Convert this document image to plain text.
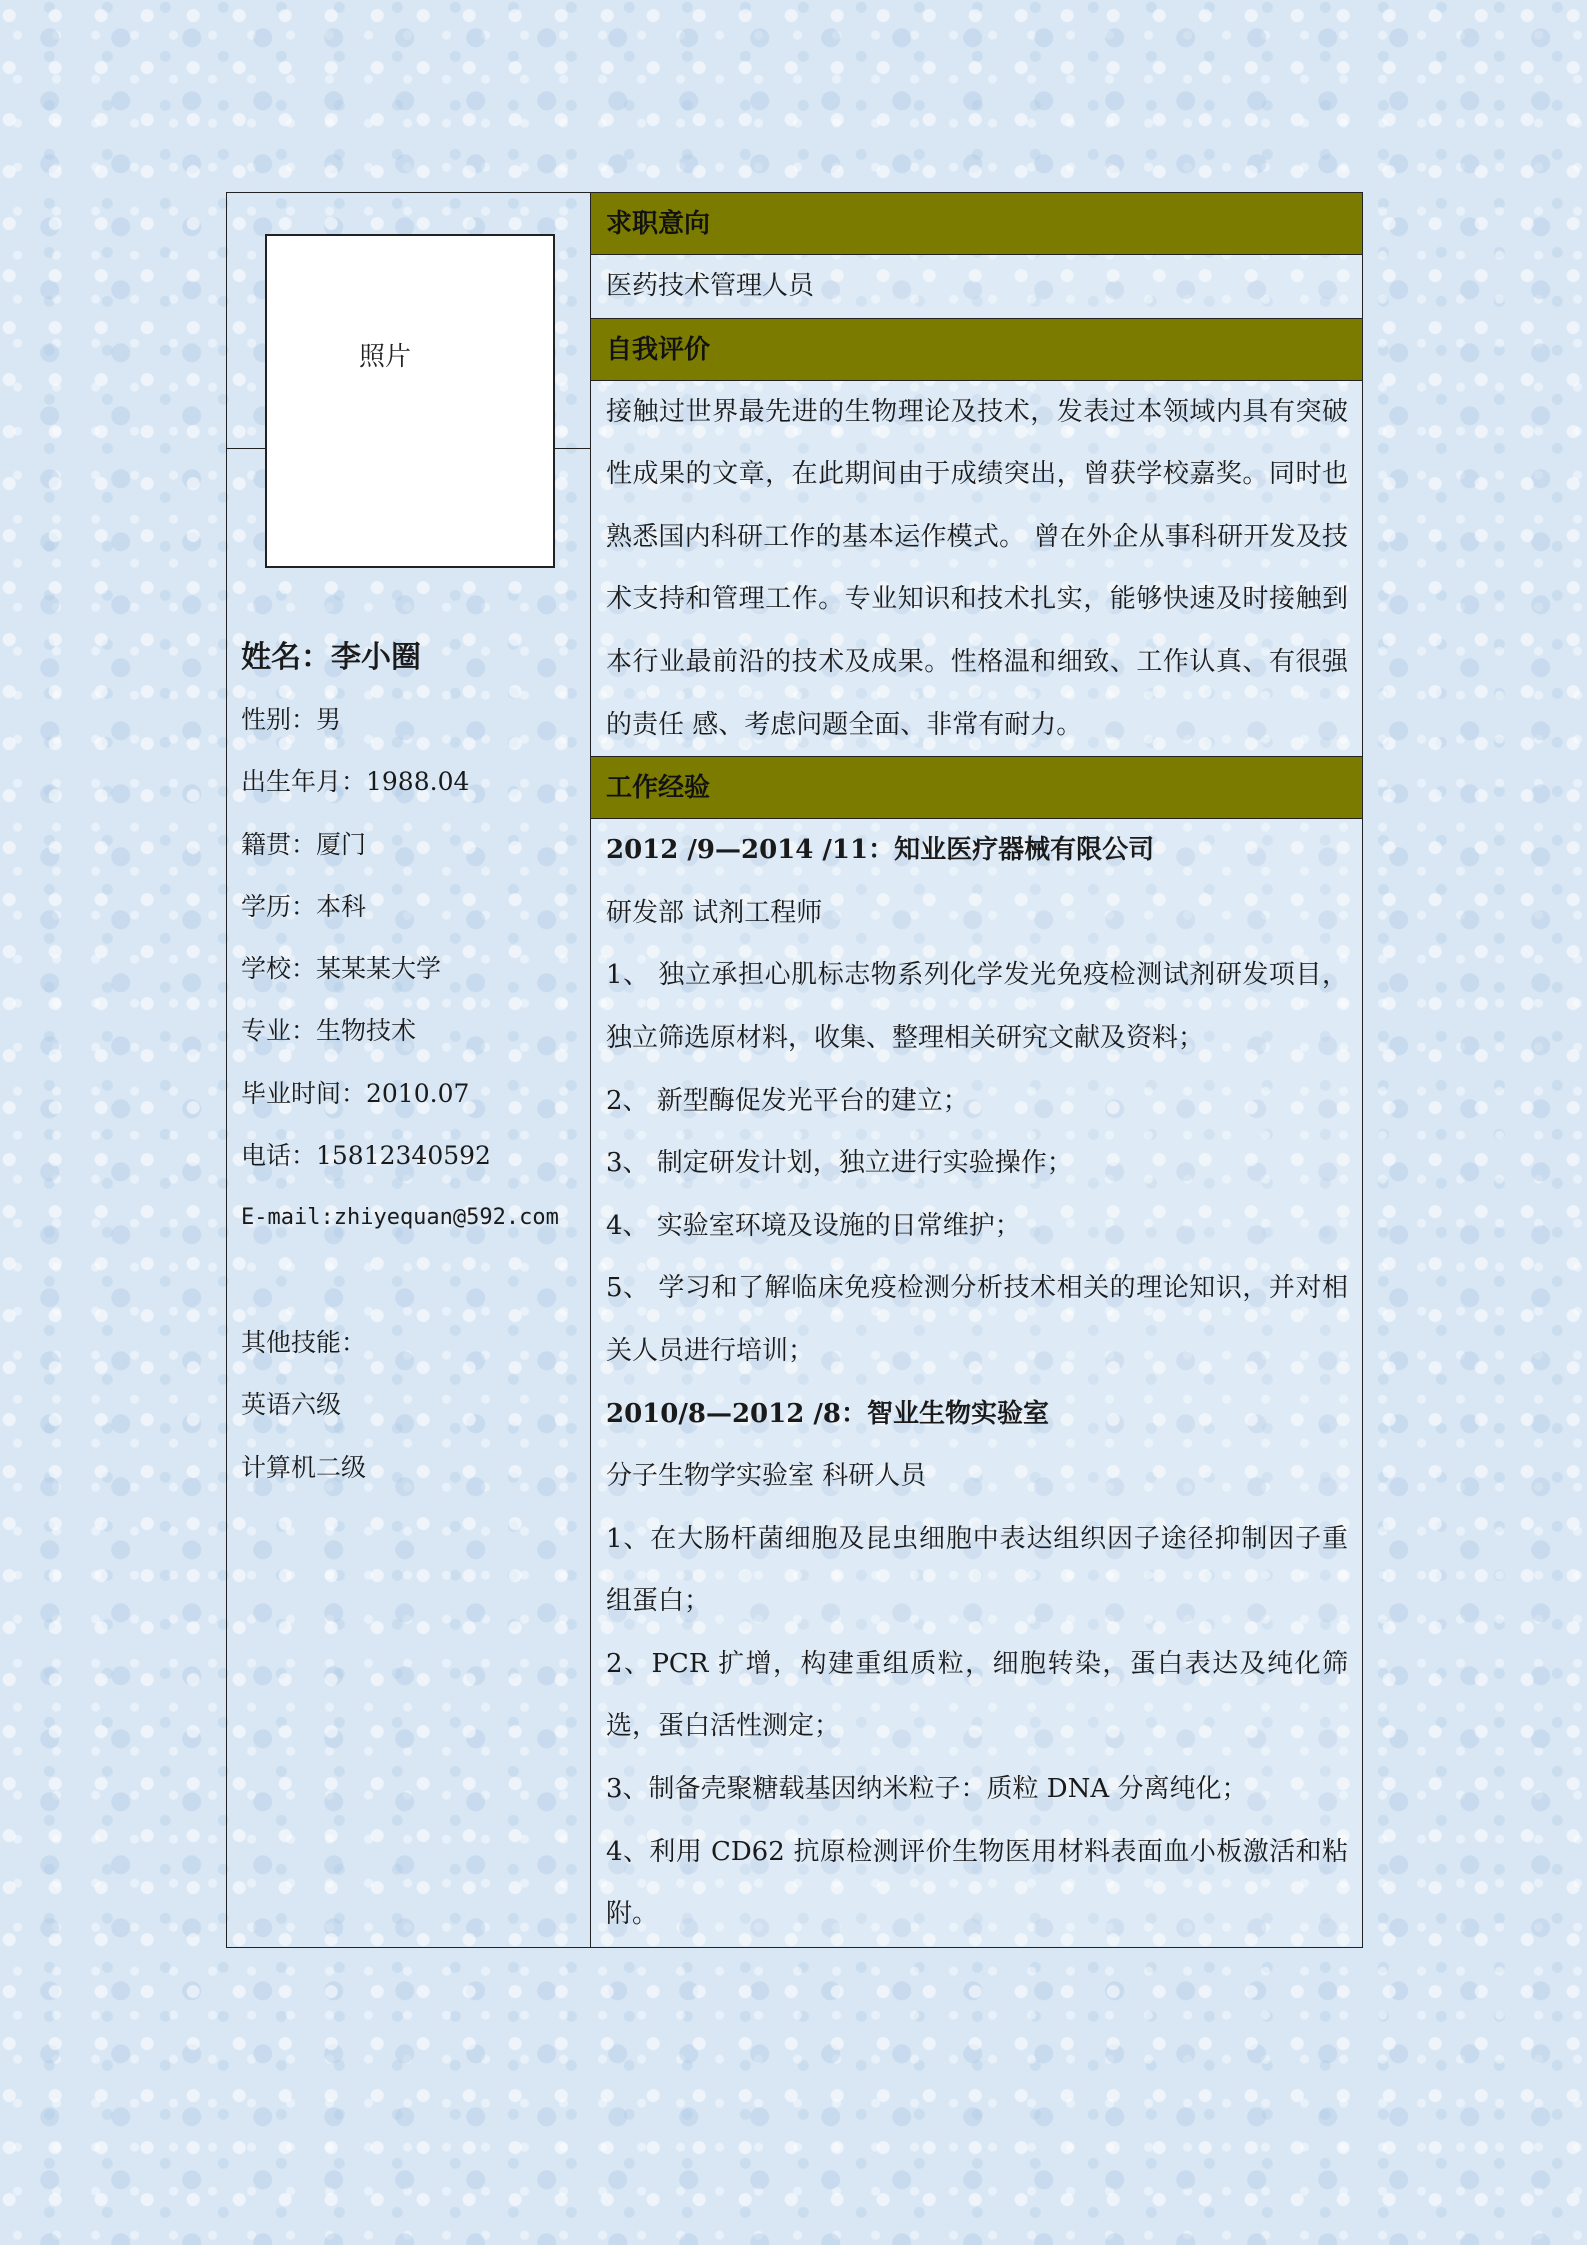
照片
姓名：李小圈
性别：男
出生年月：1988.04
籍贯：厦门
学历：本科
学校：某某某大学
专业：生物技术
毕业时间：2010.07
电话：15812340592
E-mail:zhiyequan@592.com
其他技能：
英语六级
计算机二级
求职意向
医药技术管理人员
自我评价
接触过世界最先进的生物理论及技术，发表过本领域内具有突破性成果的文章，在此期间由于成绩突出，曾获学校嘉奖。同时也熟悉国内科研工作的基本运作模式。 曾在外企从事科研开发及技术支持和管理工作。专业知识和技术扎实，能够快速及时接触到本行业最前沿的技术及成果。性格温和细致、工作认真、有很强的责任 感、考虑问题全面、非常有耐力。
工作经验
2012 /9—2014 /11：知业医疗器械有限公司
研发部 试剂工程师
1、 独立承担心肌标志物系列化学发光免疫检测试剂研发项目，独立筛选原材料，收集、整理相关研究文献及资料；
2、 新型酶促发光平台的建立；
3、 制定研发计划，独立进行实验操作；
4、 实验室环境及设施的日常维护；
5、 学习和了解临床免疫检测分析技术相关的理论知识，并对相关人员进行培训；
2010/8—2012 /8：智业生物实验室
分子生物学实验室 科研人员
1、在大肠杆菌细胞及昆虫细胞中表达组织因子途径抑制因子重组蛋白；
2、PCR 扩增，构建重组质粒，细胞转染，蛋白表达及纯化筛选，蛋白活性测定；
3、制备壳聚糖载基因纳米粒子：质粒 DNA 分离纯化；
4、利用 CD62 抗原检测评价生物医用材料表面血小板激活和粘附。
